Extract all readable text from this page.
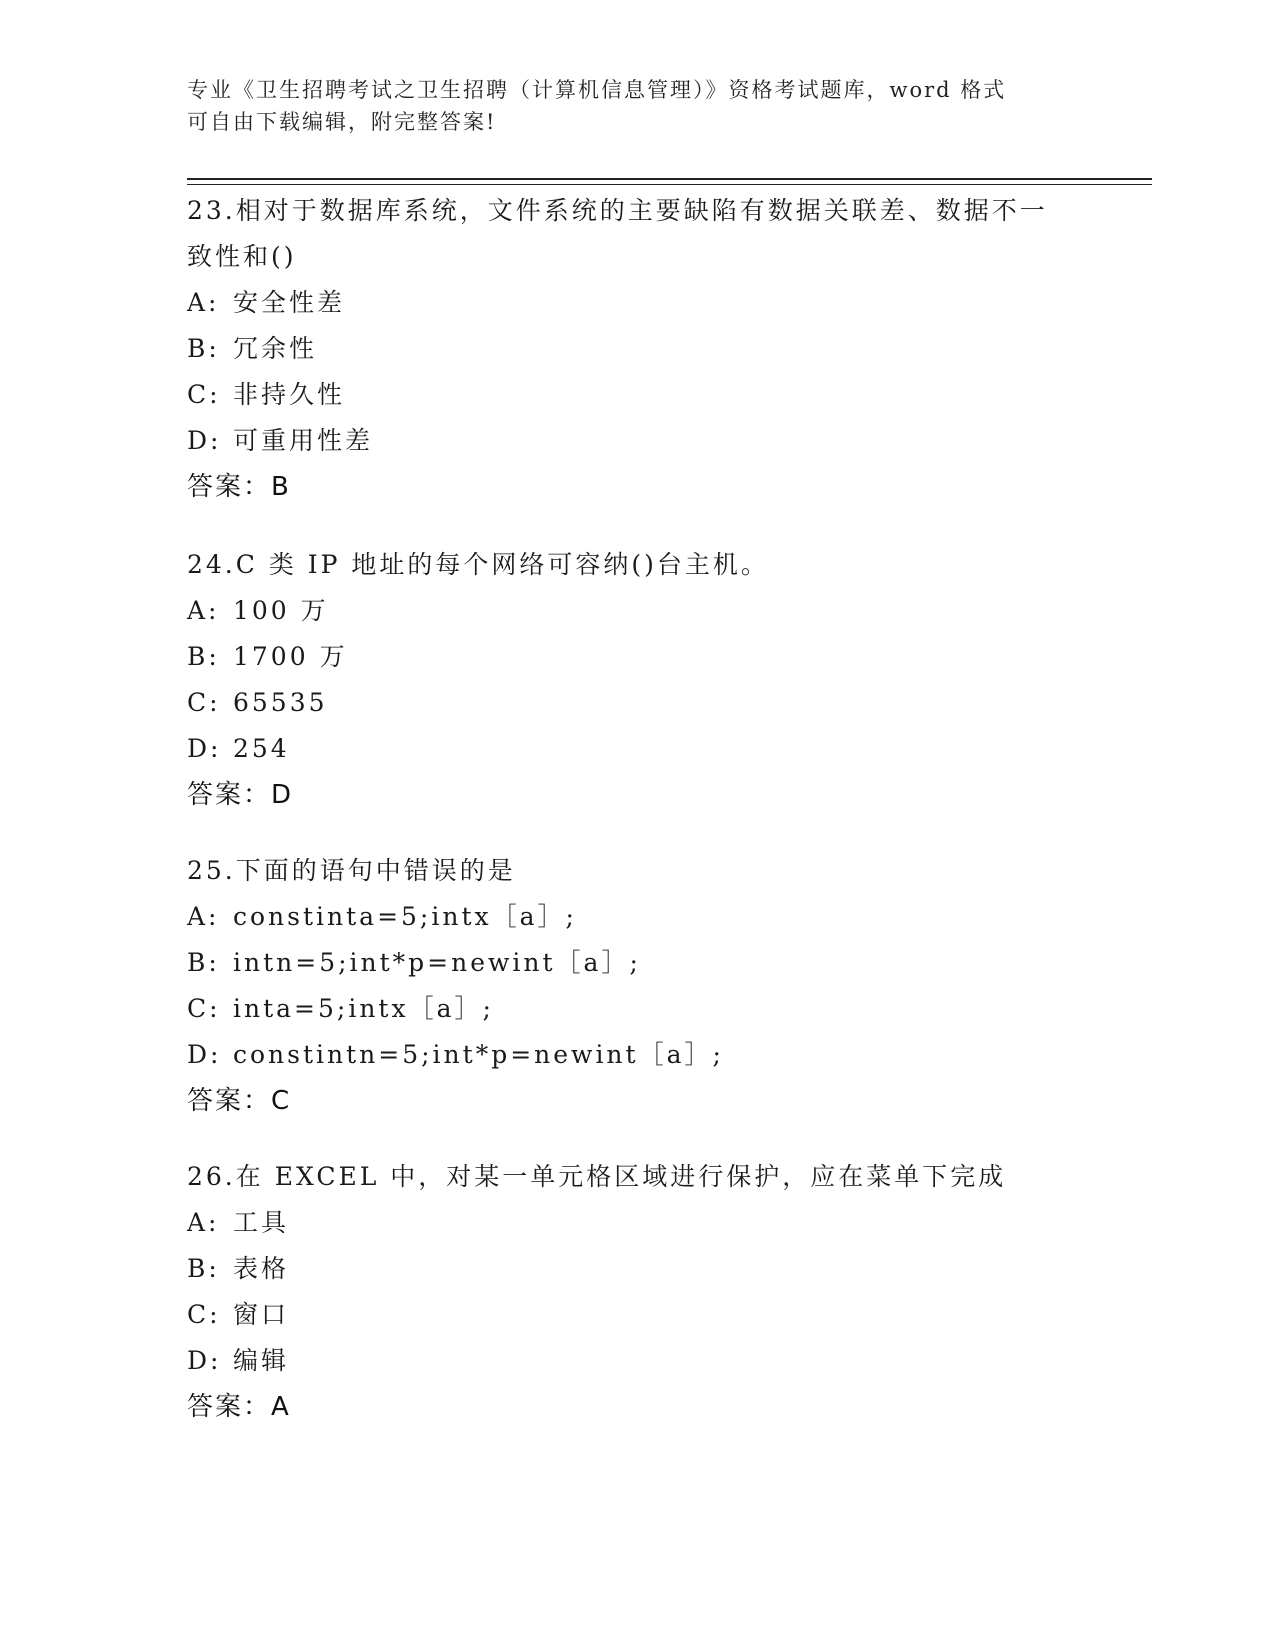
专业《卫生招聘考试之卫生招聘（计算机信息管理）》资格考试题库，word 格式
可自由下载编辑，附完整答案!
23.相对于数据库系统，文件系统的主要缺陷有数据关联差、数据不一致性和()
A: 安全性差
B: 冗余性
C: 非持久性
D: 可重用性差
答案：B
24.C 类 IP 地址的每个网络可容纳()台主机。
A: 100 万
B: 1700 万
C: 65535
D: 254
答案：D
25.下面的语句中错误的是
A: constinta=5;intx［a］;
B: intn=5;int*p=newint［a］;
C: inta=5;intx［a］;
D: constintn=5;int*p=newint［a］;
答案：C
26.在 EXCEL 中，对某一单元格区域进行保护，应在菜单下完成
A: 工具
B: 表格
C: 窗口
D: 编辑
答案：A
